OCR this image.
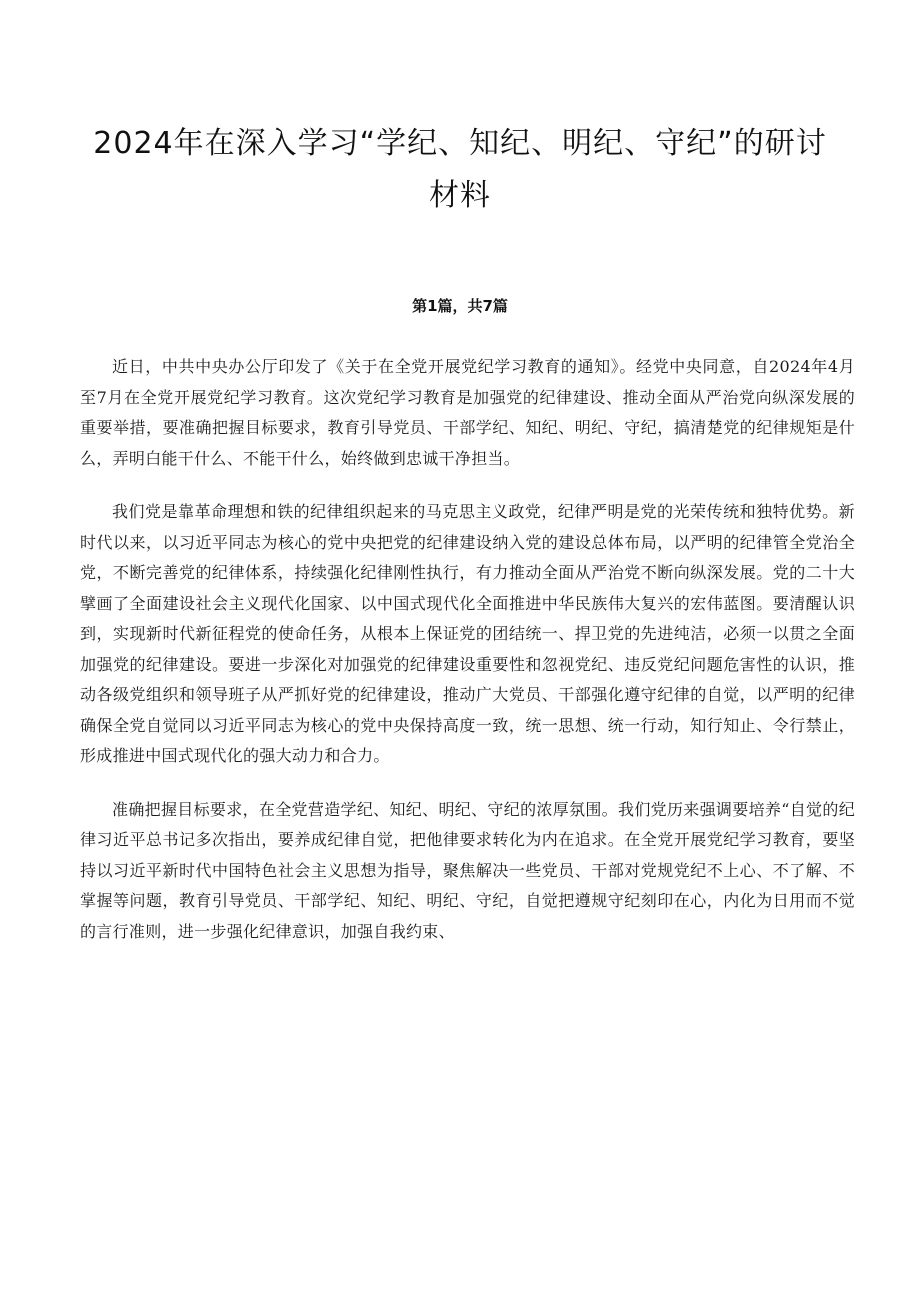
2024年在深入学习“学纪、知纪、明纪、守纪”的研讨材料
第1篇，共7篇

近日，中共中央办公厅印发了《关于在全党开展党纪学习教育的通知》。经党中央同意，自2024年4月至7月在全党开展党纪学习教育。这次党纪学习教育是加强党的纪律建设、推动全面从严治党向纵深发展的重要举措，要准确把握目标要求，教育引导党员、干部学纪、知纪、明纪、守纪，搞清楚党的纪律规矩是什么，弄明白能干什么、不能干什么，始终做到忠诚干净担当。

我们党是靠革命理想和铁的纪律组织起来的马克思主义政党，纪律严明是党的光荣传统和独特优势。新时代以来，以习近平同志为核心的党中央把党的纪律建设纳入党的建设总体布局，以严明的纪律管全党治全党，不断完善党的纪律体系，持续强化纪律刚性执行，有力推动全面从严治党不断向纵深发展。党的二十大擘画了全面建设社会主义现代化国家、以中国式现代化全面推进中华民族伟大复兴的宏伟蓝图。要清醒认识到，实现新时代新征程党的使命任务，从根本上保证党的团结统一、捍卫党的先进纯洁，必须一以贯之全面加强党的纪律建设。要进一步深化对加强党的纪律建设重要性和忽视党纪、违反党纪问题危害性的认识，推动各级党组织和领导班子从严抓好党的纪律建设，推动广大党员、干部强化遵守纪律的自觉，以严明的纪律确保全党自觉同以习近平同志为核心的党中央保持高度一致，统一思想、统一行动，知行知止、令行禁止，形成推进中国式现代化的强大动力和合力。

准确把握目标要求，在全党营造学纪、知纪、明纪、守纪的浓厚氛围。我们党历来强调要培养“自觉的纪律习近平总书记多次指出，要养成纪律自觉，把他律要求转化为内在追求。在全党开展党纪学习教育，要坚持以习近平新时代中国特色社会主义思想为指导，聚焦解决一些党员、干部对党规党纪不上心、不了解、不掌握等问题，教育引导党员、干部学纪、知纪、明纪、守纪，自觉把遵规守纪刻印在心，内化为日用而不觉的言行准则，进一步强化纪律意识，加强自我约束、
